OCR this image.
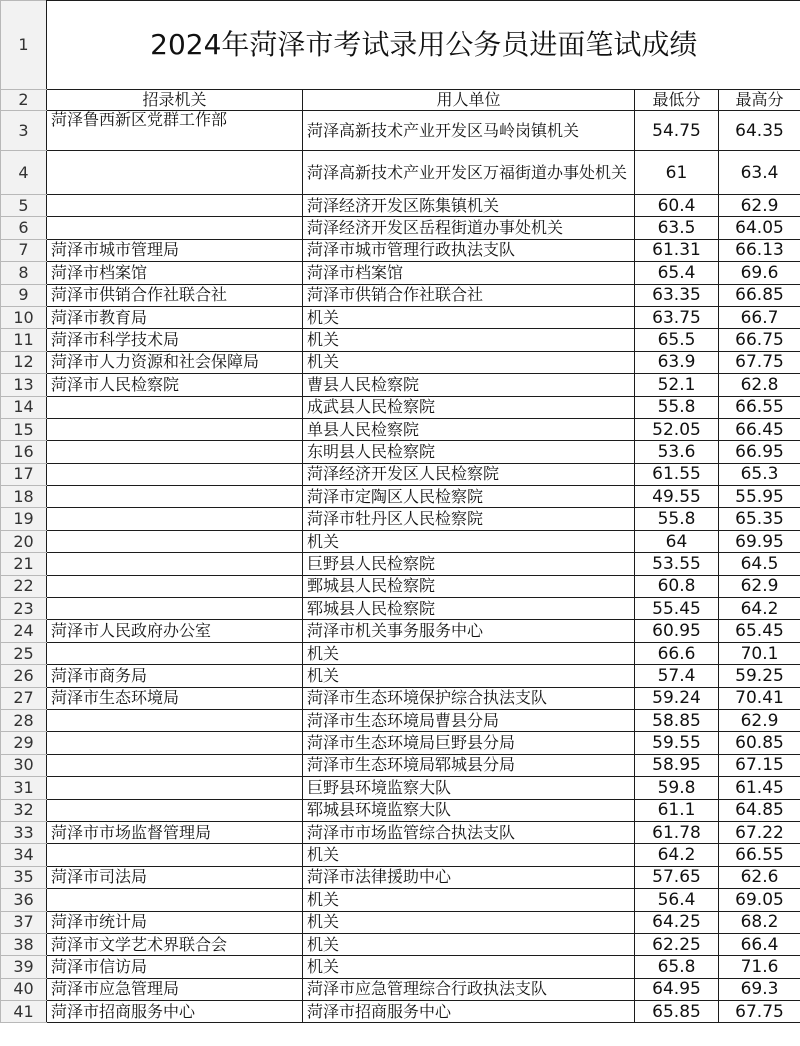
1	2024年菏泽市考试录用公务员进面笔试成绩			
2	招录机关	用人单位	最低分	最高分
3	菏泽鲁西新区党群工作部	菏泽高新技术产业开发区马岭岗镇机关	54.75	64.35
4		菏泽高新技术产业开发区万福街道办事处机关	61	63.4
5		菏泽经济开发区陈集镇机关	60.4	62.9
6		菏泽经济开发区岳程街道办事处机关	63.5	64.05
7	菏泽市城市管理局	菏泽市城市管理行政执法支队	61.31	66.13
8	菏泽市档案馆	菏泽市档案馆	65.4	69.6
9	菏泽市供销合作社联合社	菏泽市供销合作社联合社	63.35	66.85
10	菏泽市教育局	机关	63.75	66.7
11	菏泽市科学技术局	机关	65.5	66.75
12	菏泽市人力资源和社会保障局	机关	63.9	67.75
13	菏泽市人民检察院	曹县人民检察院	52.1	62.8
14		成武县人民检察院	55.8	66.55
15		单县人民检察院	52.05	66.45
16		东明县人民检察院	53.6	66.95
17		菏泽经济开发区人民检察院	61.55	65.3
18		菏泽市定陶区人民检察院	49.55	55.95
19		菏泽市牡丹区人民检察院	55.8	65.35
20		机关	64	69.95
21		巨野县人民检察院	53.55	64.5
22		鄄城县人民检察院	60.8	62.9
23		郓城县人民检察院	55.45	64.2
24	菏泽市人民政府办公室	菏泽市机关事务服务中心	60.95	65.45
25		机关	66.6	70.1
26	菏泽市商务局	机关	57.4	59.25
27	菏泽市生态环境局	菏泽市生态环境保护综合执法支队	59.24	70.41
28		菏泽市生态环境局曹县分局	58.85	62.9
29		菏泽市生态环境局巨野县分局	59.55	60.85
30		菏泽市生态环境局郓城县分局	58.95	67.15
31		巨野县环境监察大队	59.8	61.45
32		郓城县环境监察大队	61.1	64.85
33	菏泽市市场监督管理局	菏泽市市场监管综合执法支队	61.78	67.22
34		机关	64.2	66.55
35	菏泽市司法局	菏泽市法律援助中心	57.65	62.6
36		机关	56.4	69.05
37	菏泽市统计局	机关	64.25	68.2
38	菏泽市文学艺术界联合会	机关	62.25	66.4
39	菏泽市信访局	机关	65.8	71.6
40	菏泽市应急管理局	菏泽市应急管理综合行政执法支队	64.95	69.3
41	菏泽市招商服务中心	菏泽市招商服务中心	65.85	67.75
